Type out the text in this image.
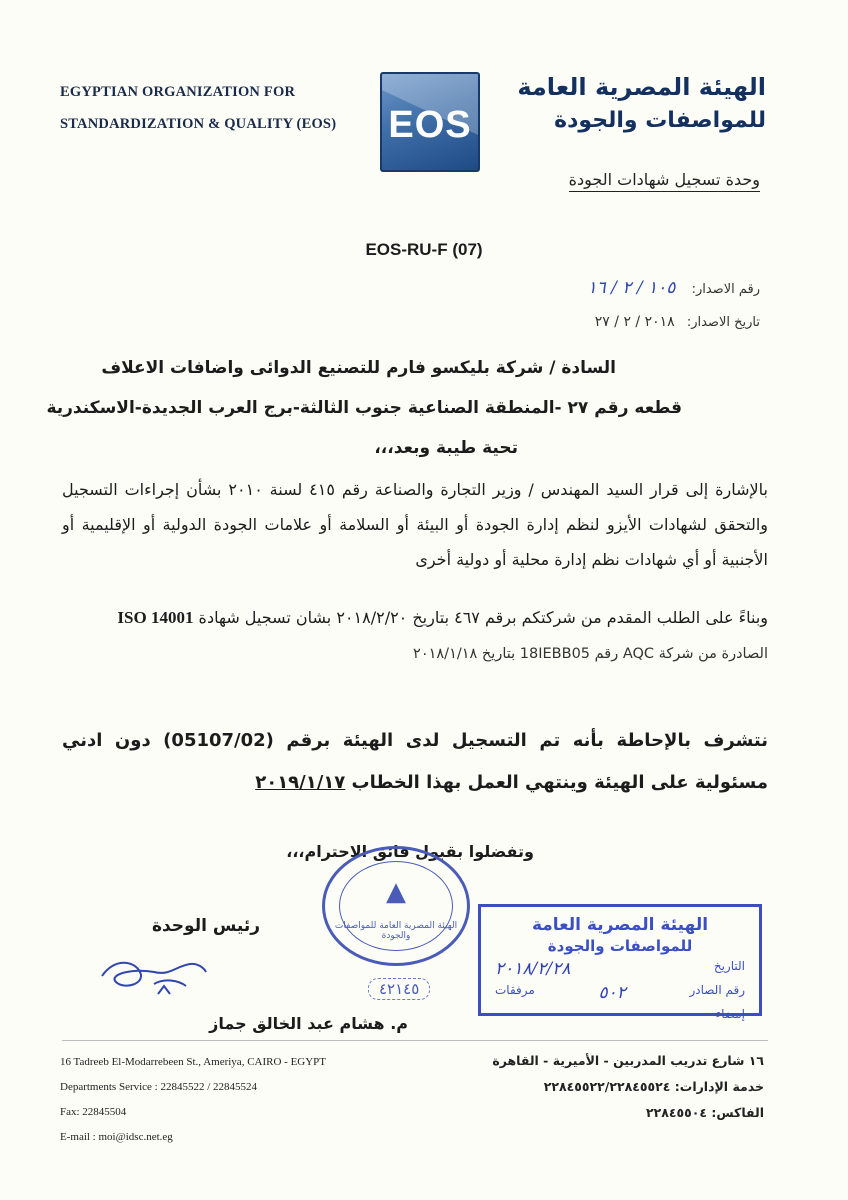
EGYPTIAN ORGANIZATION FOR
STANDARDIZATION & QUALITY (EOS)	EOS
الهيئة المصرية العامة
للمواصفات والجودة
وحدة تسجيل شهادات الجودة
EOS-RU-F (07)
رقم الاصدار: ١٠٥ / ٢ / ١٦
تاريخ الاصدار: ٢٠١٨ / ٢ / ٢٧
السادة / شركة بليكسو فارم للتصنيع الدوائى واضافات الاعلاف
قطعه رقم ٢٧ -المنطقة الصناعية جنوب الثالثة-برج العرب الجديدة-الاسكندرية
تحية طيبة وبعد،،،
بالإشارة إلى قرار السيد المهندس / وزير التجارة والصناعة رقم ٤١٥ لسنة ٢٠١٠ بشأن إجراءات التسجيل والتحقق لشهادات الأيزو لنظم إدارة الجودة أو البيئة أو السلامة أو علامات الجودة الدولية أو الإقليمية أو الأجنبية أو أي شهادات نظم إدارة محلية أو دولية أخرى
وبناءً على الطلب المقدم من شركتكم برقم ٤٦٧ بتاريخ ٢٠١٨/٢/٢٠ بشان تسجيل شهادة ISO 14001
الصادرة من شركة AQC رقم 18IEBB05 بتاريخ ٢٠١٨/١/١٨
نتشرف بالإحاطة بأنه تم التسجيل لدى الهيئة برقم (05107/02) دون ادني مسئولية على الهيئة وينتهي العمل بهذا الخطاب ٢٠١٩/١/١٧
وتفضلوا بقبول فائق الاحترام،،،
▲
الهيئة المصرية العامة للمواصفات والجودة
٤٢١٤٥
الهيئة المصرية العامة
للمواصفات والجودة
التاريخ
٢٠١٨/٢/٢٨
رقم الصادر
٥٠٢
مرفقات
إمضاء
رئيس الوحدة
م. هشام عبد الخالق جماز
16 Tadreeb El-Modarrebeen St., Ameriya, CAIRO - EGYPT
Departments Service : 22845522 / 22845524
Fax: 22845504
E-mail : moi@idsc.net.eg
١٦ شارع تدريب المدربين - الأميرية - القاهرة
خدمة الإدارات: ٢٢٨٤٥٥٢٢/٢٢٨٤٥٥٢٤
الفاكس: ٢٢٨٤٥٥٠٤
